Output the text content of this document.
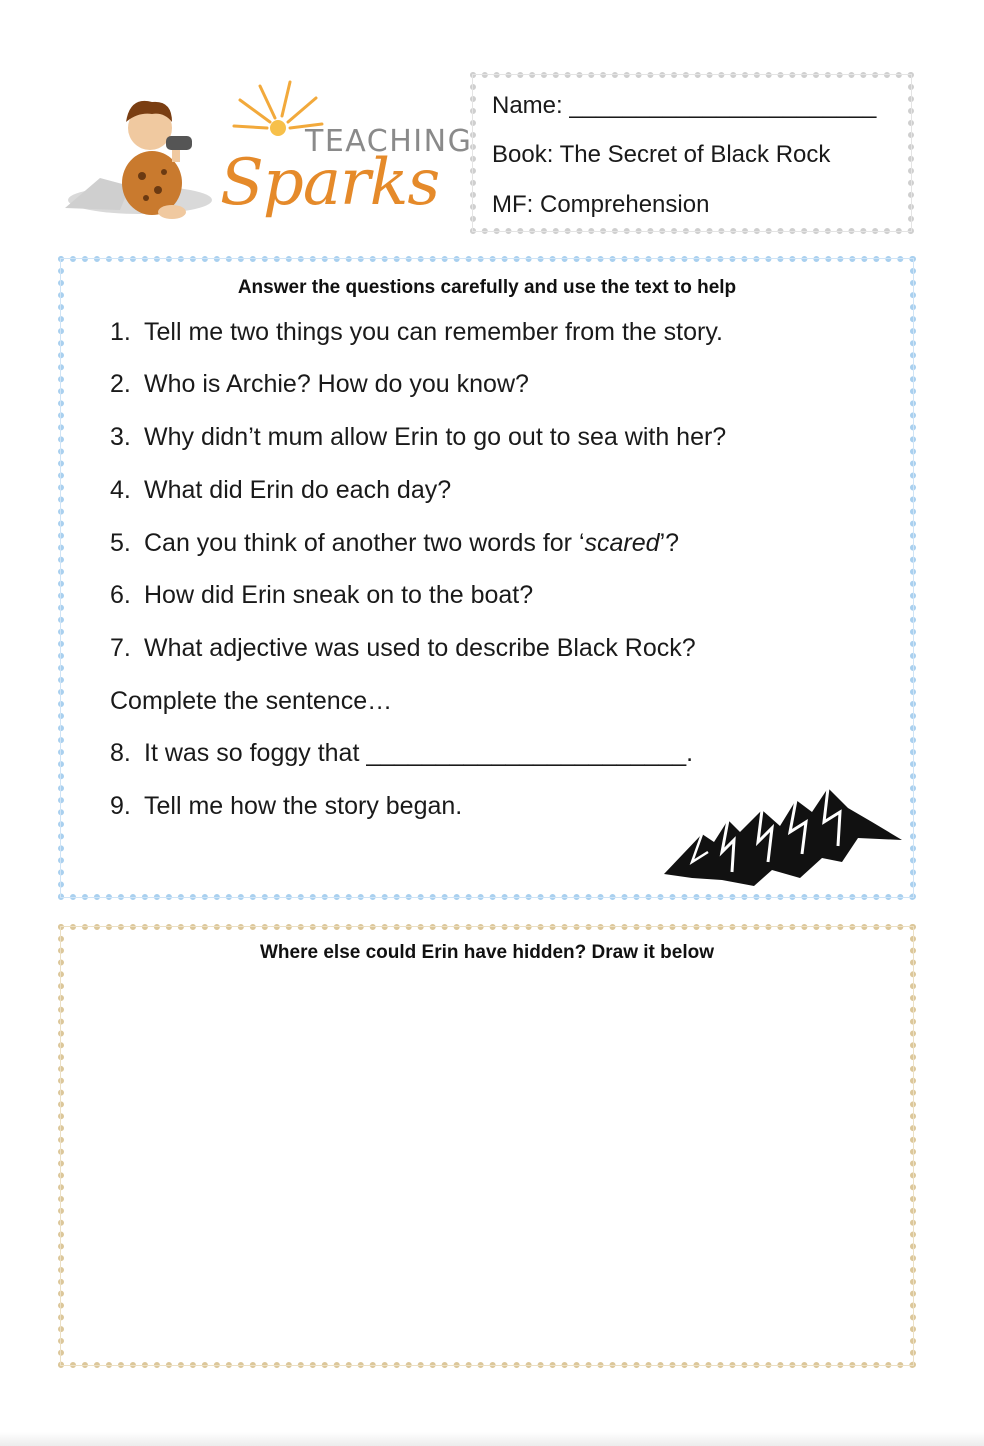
TEACHING
Sparks
Name: _______________________
Book: The Secret of Black Rock
MF: Comprehension
Answer the questions carefully and use the text to help
1. Tell me two things you can remember from the story.
2. Who is Archie? How do you know?
3. Why didn’t mum allow Erin to go out to sea with her?
4. What did Erin do each day?
5. Can you think of another two words for ‘scared’?
6. How did Erin sneak on to the boat?
7. What adjective was used to describe Black Rock?
Complete the sentence…
8. It was so foggy that _______________________.
9. Tell me how the story began.
Where else could Erin have hidden? Draw it below
